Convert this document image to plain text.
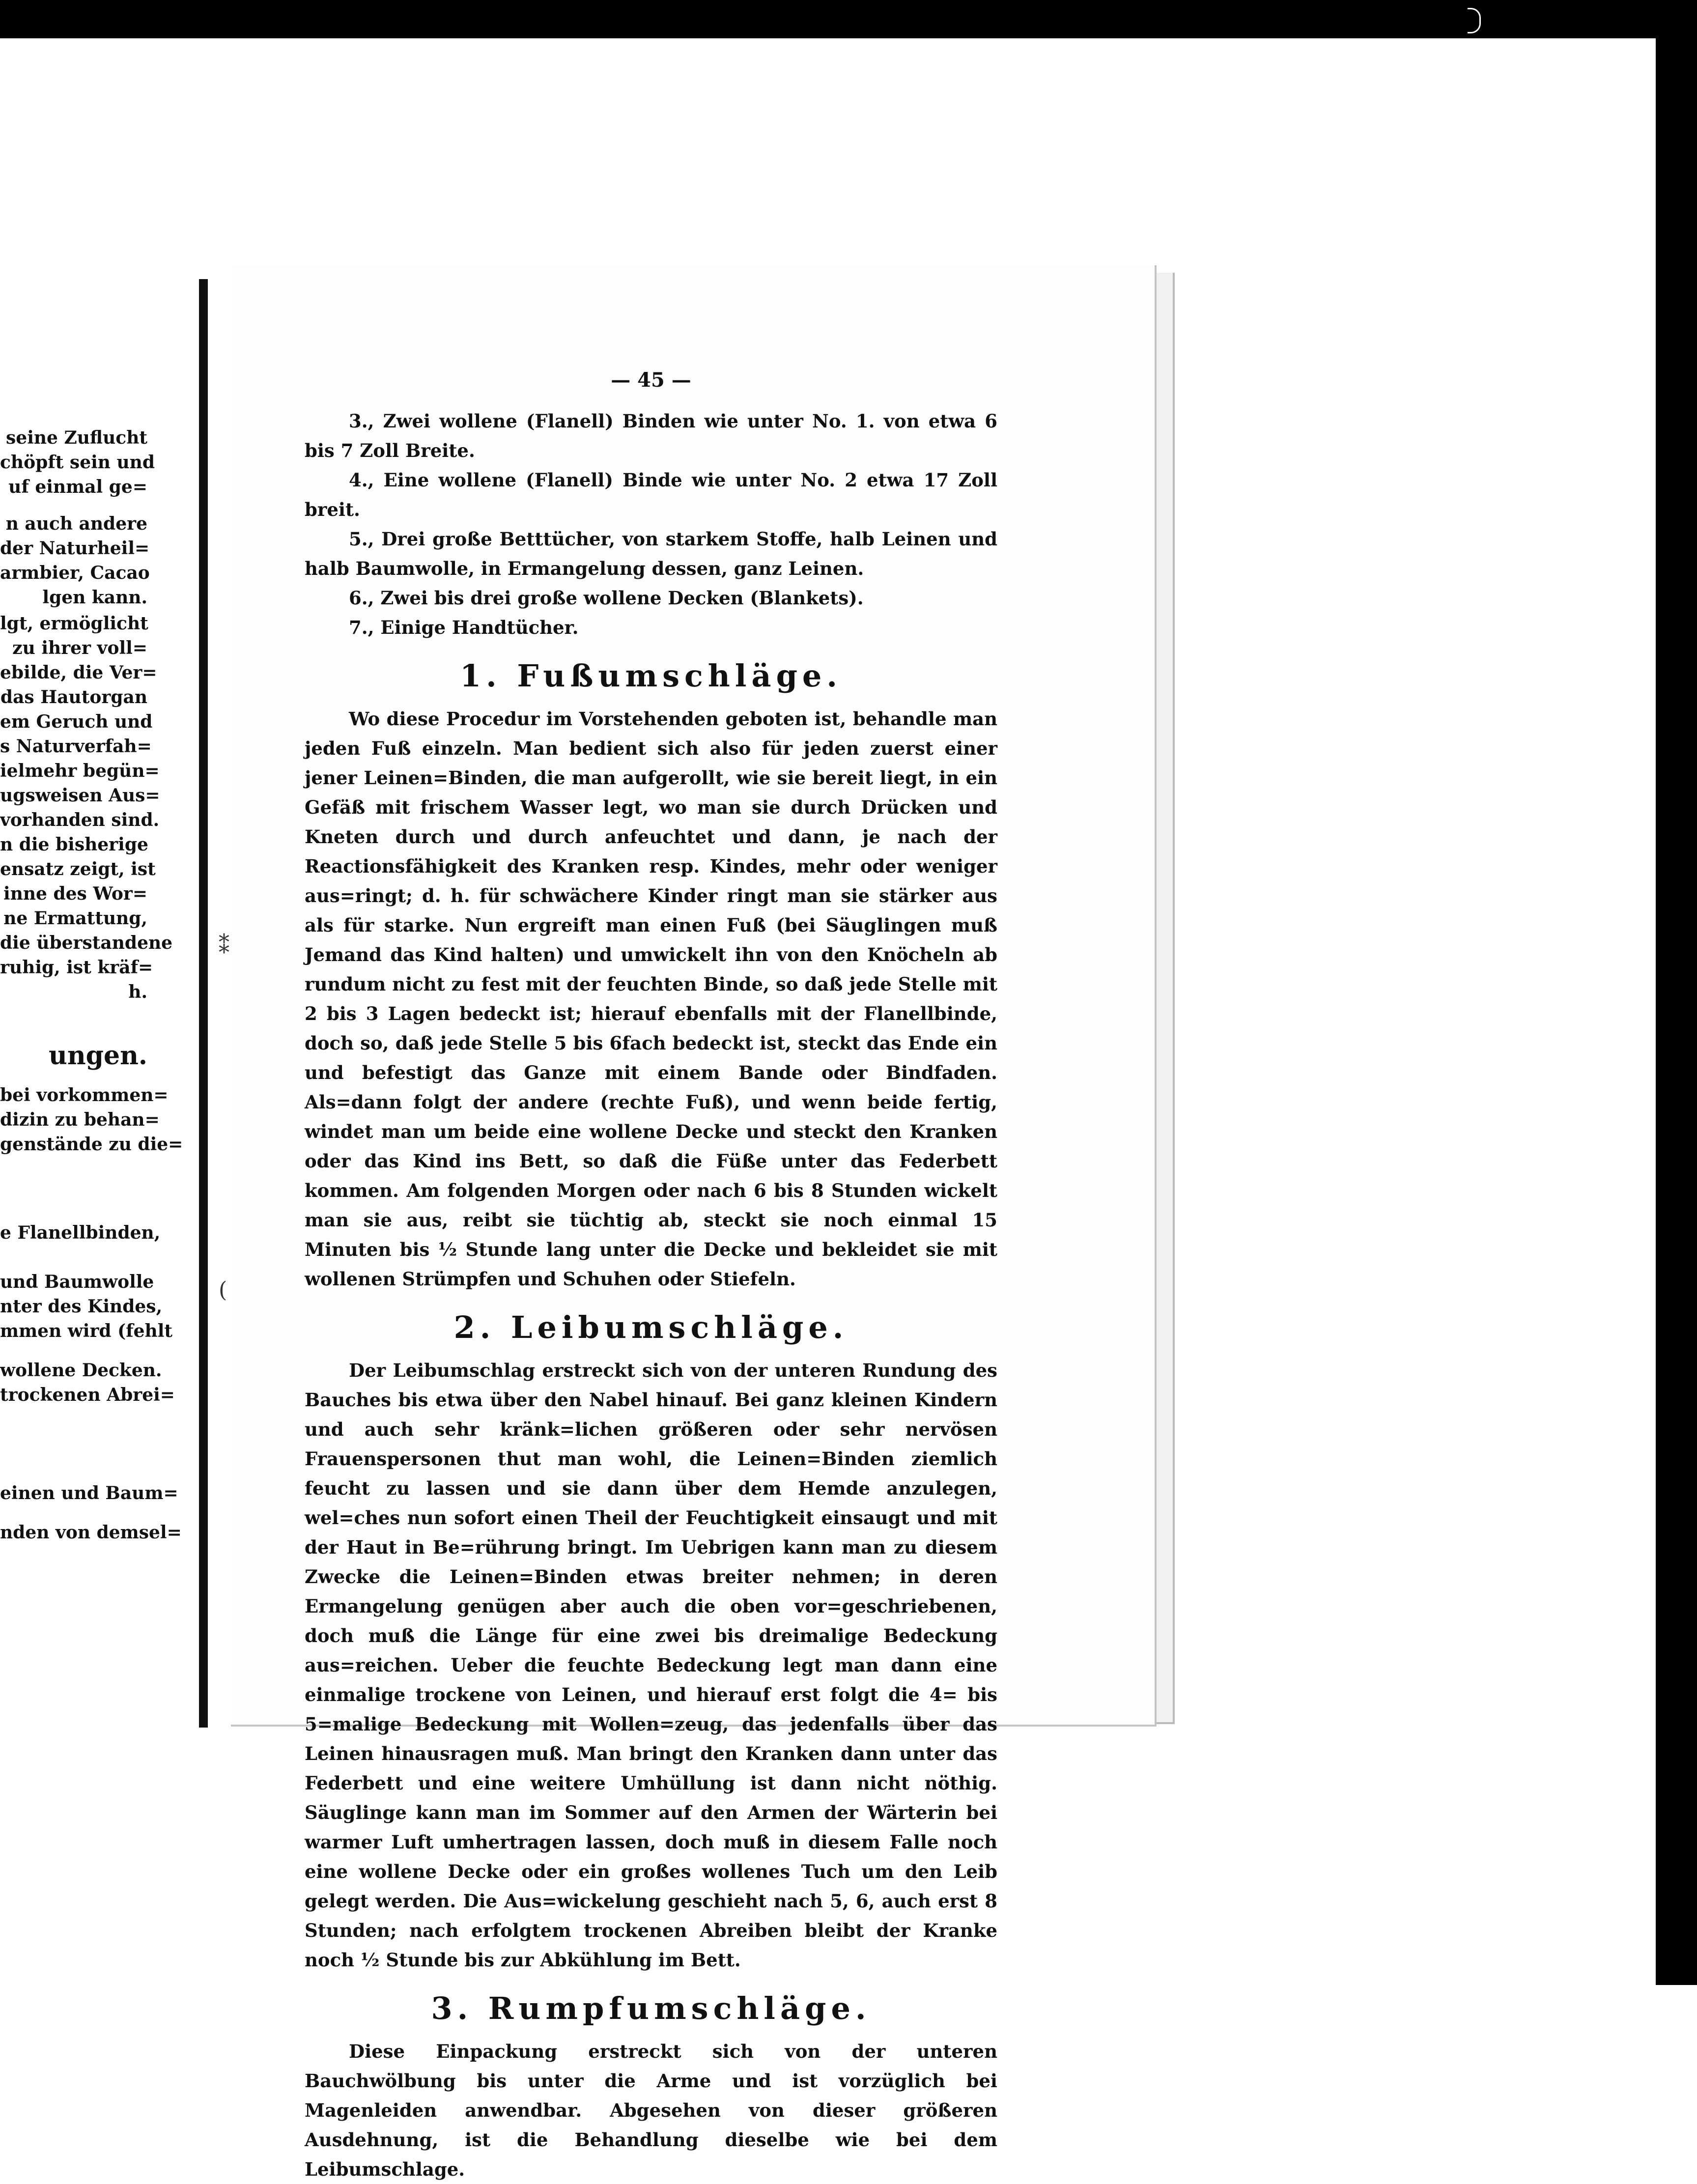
seine Zuflucht
chöpft sein und
uf einmal ge=
n auch andere
der Naturheil=
armbier, Cacao
lgen kann.
lgt, ermöglicht
zu ihrer voll=
ebilde, die Ver=
das Hautorgan
em Geruch und
s Naturverfah=
ielmehr begün=
ugsweisen Aus=
vorhanden sind.
n die bisherige
ensatz zeigt, ist
inne des Wor=
ne Ermattung,
die überstandene
ruhig, ist kräf=
h.
ungen.
bei vorkommen=
dizin zu behan=
genstände zu die=
e Flanellbinden,
und Baumwolle
nter des Kindes,
mmen wird (fehlt
wollene Decken.
trockenen Abrei=
einen und Baum=
nden von demsel=
⁑
(
— 45 —

3., Zwei wollene (Flanell) Binden wie unter No. 1. von etwa 6 bis 7 Zoll Breite.

4., Eine wollene (Flanell) Binde wie unter No. 2 etwa 17 Zoll breit.

5., Drei große Betttücher, von starkem Stoffe, halb Leinen und halb Baumwolle, in Ermangelung dessen, ganz Leinen.

6., Zwei bis drei große wollene Decken (Blankets).

7., Einige Handtücher.

1. Fußumschläge.

Wo diese Procedur im Vorstehenden geboten ist, behandle man jeden Fuß einzeln. Man bedient sich also für jeden zuerst einer jener Leinen=Binden, die man aufgerollt, wie sie bereit liegt, in ein Gefäß mit frischem Wasser legt, wo man sie durch Drücken und Kneten durch und durch anfeuchtet und dann, je nach der Reactionsfähigkeit des Kranken resp. Kindes, mehr oder weniger aus=ringt; d. h. für schwächere Kinder ringt man sie stärker aus als für starke. Nun ergreift man einen Fuß (bei Säuglingen muß Jemand das Kind halten) und umwickelt ihn von den Knöcheln ab rundum nicht zu fest mit der feuchten Binde, so daß jede Stelle mit 2 bis 3 Lagen bedeckt ist; hierauf ebenfalls mit der Flanellbinde, doch so, daß jede Stelle 5 bis 6fach bedeckt ist, steckt das Ende ein und befestigt das Ganze mit einem Bande oder Bindfaden. Als=dann folgt der andere (rechte Fuß), und wenn beide fertig, windet man um beide eine wollene Decke und steckt den Kranken oder das Kind ins Bett, so daß die Füße unter das Federbett kommen. Am folgenden Morgen oder nach 6 bis 8 Stunden wickelt man sie aus, reibt sie tüchtig ab, steckt sie noch einmal 15 Minuten bis ½ Stunde lang unter die Decke und bekleidet sie mit wollenen Strümpfen und Schuhen oder Stiefeln.

2. Leibumschläge.

Der Leibumschlag erstreckt sich von der unteren Rundung des Bauches bis etwa über den Nabel hinauf. Bei ganz kleinen Kindern und auch sehr kränk=lichen größeren oder sehr nervösen Frauenspersonen thut man wohl, die Leinen=Binden ziemlich feucht zu lassen und sie dann über dem Hemde anzulegen, wel=ches nun sofort einen Theil der Feuchtigkeit einsaugt und mit der Haut in Be=rührung bringt. Im Uebrigen kann man zu diesem Zwecke die Leinen=Binden etwas breiter nehmen; in deren Ermangelung genügen aber auch die oben vor=geschriebenen, doch muß die Länge für eine zwei bis dreimalige Bedeckung aus=reichen. Ueber die feuchte Bedeckung legt man dann eine einmalige trockene von Leinen, und hierauf erst folgt die 4= bis 5=malige Bedeckung mit Wollen=zeug, das jedenfalls über das Leinen hinausragen muß. Man bringt den Kranken dann unter das Federbett und eine weitere Umhüllung ist dann nicht nöthig. Säuglinge kann man im Sommer auf den Armen der Wärterin bei warmer Luft umhertragen lassen, doch muß in diesem Falle noch eine wollene Decke oder ein großes wollenes Tuch um den Leib gelegt werden. Die Aus=wickelung geschieht nach 5, 6, auch erst 8 Stunden; nach erfolgtem trockenen Abreiben bleibt der Kranke noch ½ Stunde bis zur Abkühlung im Bett.

3. Rumpfumschläge.

Diese Einpackung erstreckt sich von der unteren Bauchwölbung bis unter die Arme und ist vorzüglich bei Magenleiden anwendbar. Abgesehen von dieser größeren Ausdehnung, ist die Behandlung dieselbe wie bei dem Leibumschlage.
